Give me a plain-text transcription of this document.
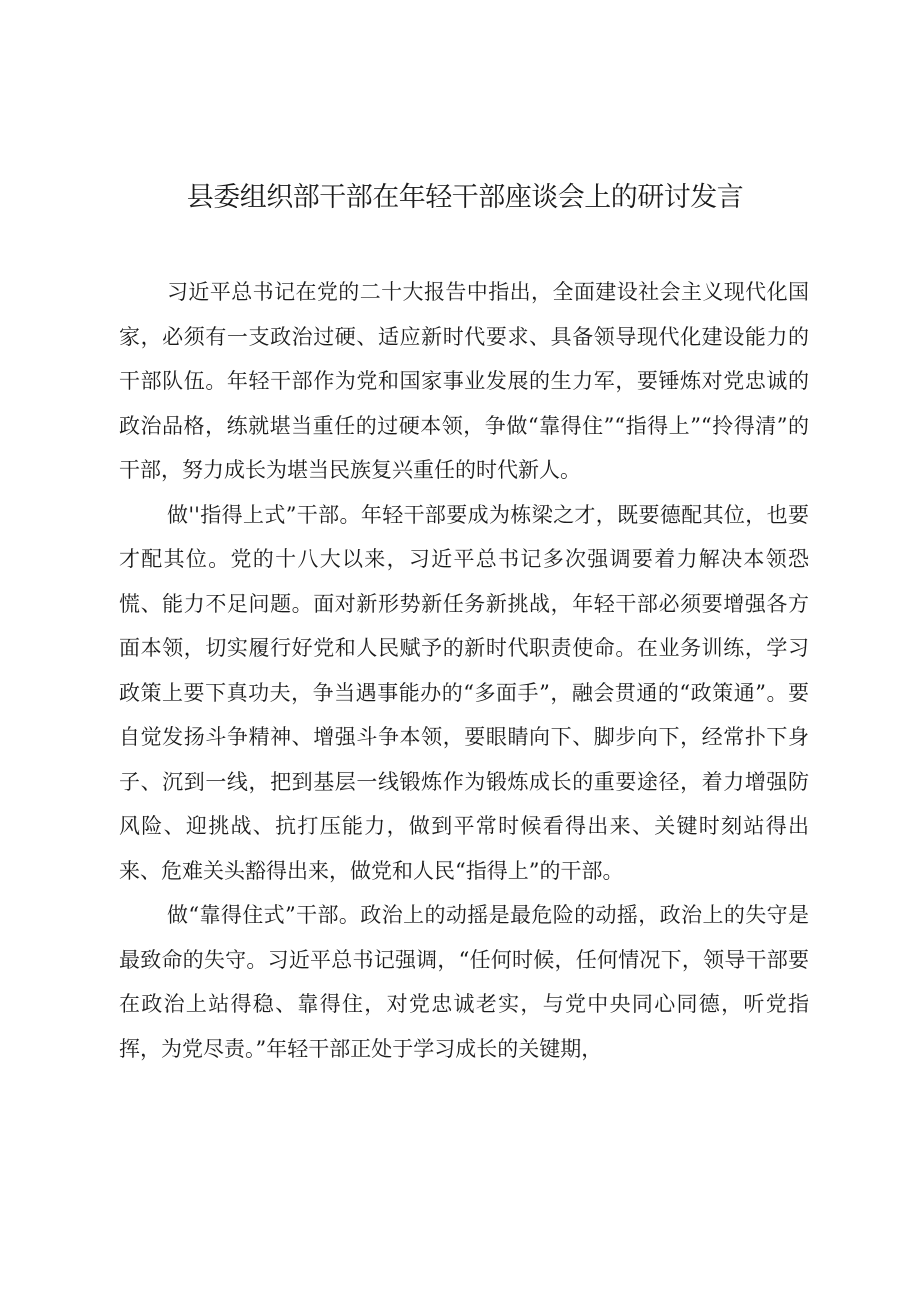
县委组织部干部在年轻干部座谈会上的研讨发言

习近平总书记在党的二十大报告中指出，全面建设社会主义现代化国家，必须有一支政治过硬、适应新时代要求、具备领导现代化建设能力的干部队伍。年轻干部作为党和国家事业发展的生力军，要锤炼对党忠诚的政治品格，练就堪当重任的过硬本领，争做“靠得住”“指得上”“拎得清”的干部，努力成长为堪当民族复兴重任的时代新人。

做''指得上式”干部。年轻干部要成为栋梁之才，既要德配其位，也要才配其位。党的十八大以来，习近平总书记多次强调要着力解决本领恐慌、能力不足问题。面对新形势新任务新挑战，年轻干部必须要增强各方面本领，切实履行好党和人民赋予的新时代职责使命。在业务训练，学习政策上要下真功夫，争当遇事能办的“多面手”，融会贯通的“政策通”。要自觉发扬斗争精神、增强斗争本领，要眼睛向下、脚步向下，经常扑下身子、沉到一线，把到基层一线锻炼作为锻炼成长的重要途径，着力增强防风险、迎挑战、抗打压能力，做到平常时候看得出来、关键时刻站得出来、危难关头豁得出来，做党和人民“指得上”的干部。

做“靠得住式”干部。政治上的动摇是最危险的动摇，政治上的失守是最致命的失守。习近平总书记强调，“任何时候，任何情况下，领导干部要在政治上站得稳、靠得住，对党忠诚老实，与党中央同心同德，听党指挥，为党尽责。”年轻干部正处于学习成长的关键期，
